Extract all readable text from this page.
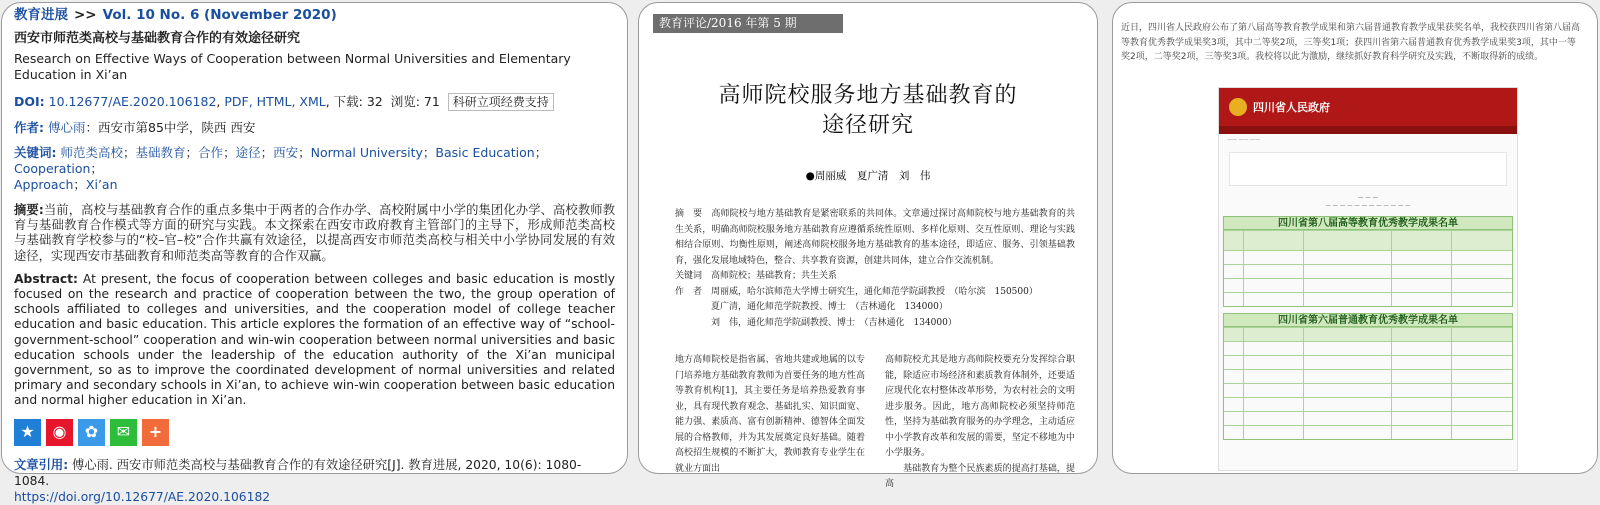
教育进展 >> Vol. 10 No. 6 (November 2020)
西安市师范类高校与基础教育合作的有效途径研究
Research on Effective Ways of Cooperation between Normal Universities and Elementary Education in Xi’an
DOI: 10.12677/AE.2020.106182, PDF, HTML, XML, 下载: 32 浏览: 71 科研立项经费支持
作者: 傅心雨：西安市第85中学，陕西 西安
关键词: 师范类高校；基础教育；合作；途径；西安；Normal University；Basic Education；Cooperation；
Approach；Xi’an
摘要:当前，高校与基础教育合作的重点多集中于两者的合作办学、高校附属中小学的集团化办学、高校教师教育与基础教育合作模式等方面的研究与实践。本文探索在西安市政府教育主管部门的主导下，形成师范类高校与基础教育学校参与的“校–官–校”合作共赢有效途径，以提高西安市师范类高校与相关中小学协同发展的有效途径，实现西安市基础教育和师范类高等教育的合作双赢。
Abstract: At present, the focus of cooperation between colleges and basic education is mostly focused on the research and practice of cooperation between the two, the group operation of schools affiliated to colleges and universities, and the cooperation model of college teacher education and basic education. This article explores the formation of an effective way of “school-government-school” cooperation and win-win cooperation between normal universities and basic education schools under the leadership of the education authority of the Xi’an municipal government, so as to improve the coordinated development of normal universities and related primary and secondary schools in Xi’an, to achieve win-win cooperation between basic education and normal higher education in Xi’an.
★	◉	✿	✉	+
文章引用: 傅心雨. 西安市师范类高校与基础教育合作的有效途径研究[J]. 教育进展, 2020, 10(6): 1080-1084.
https://doi.org/10.12677/AE.2020.106182
教育评论/2016 年第 5 期
高师院校服务地方基础教育的
途径研究
●周丽威　夏广清　刘　伟
摘　要　高师院校与地方基础教育是紧密联系的共同体。文章通过探讨高师院校与地方基础教育的共生关系，明确高师院校服务地方基础教育应遵循系统性原则、多样化原则、交互性原则、理论与实践相结合原则、均衡性原则，阐述高师院校服务地方基础教育的基本途径，即适应、服务、引领基础教育，强化发展地域特色，整合、共享教育资源，创建共同体，建立合作交流机制。
关键词　高师院校；基础教育；共生关系
作　者　周丽威，哈尔滨师范大学博士研究生，通化师范学院副教授　（哈尔滨　150500）
夏广清，通化师范学院教授、博士　（吉林通化　134000）
刘　伟，通化师范学院副教授、博士　（吉林通化　134000）
地方高师院校是指省属、省地共建或地属的以专门培养地方基础教育教师为首要任务的地方性高等教育机构[1]，其主要任务是培养热爱教育事业，具有现代教育观念、基础扎实、知识面宽、能力强、素质高、富有创新精神、德智体全面发展的合格教师，并为其发展奠定良好基础。随着高校招生规模的不断扩大，教师教育专业学生在就业方面出
高师院校尤其是地方高师院校要充分发挥综合职能，除适应市场经济和素质教育体制外，还要适应现代化农村整体改革形势，为农村社会的文明进步服务。因此，地方高师院校必须坚持师范性，坚持为基础教育服务的办学理念，主动适应中小学教育改革和发展的需要，坚定不移地为中小学服务。
　　基础教育为整个民族素质的提高打基础，提高
近日，四川省人民政府公布了第八届高等教育教学成果和第六届普通教育教学成果获奖名单，我校获四川省第八届高等教育优秀教学成果奖3项，其中二等奖2项，三等奖1项；获四川省第六届普通教育优秀教学成果奖3项，其中一等奖2项，二等奖2项，三等奖3项。我校将以此为激励，继续抓好教育科学研究及实践，不断取得新的成绩。
四川省人民政府
—— —— ——
— — —
— — — — — — — — — — — —
四川省第八届高等教育优秀教学成果名单
四川省第六届普通教育优秀教学成果名单
